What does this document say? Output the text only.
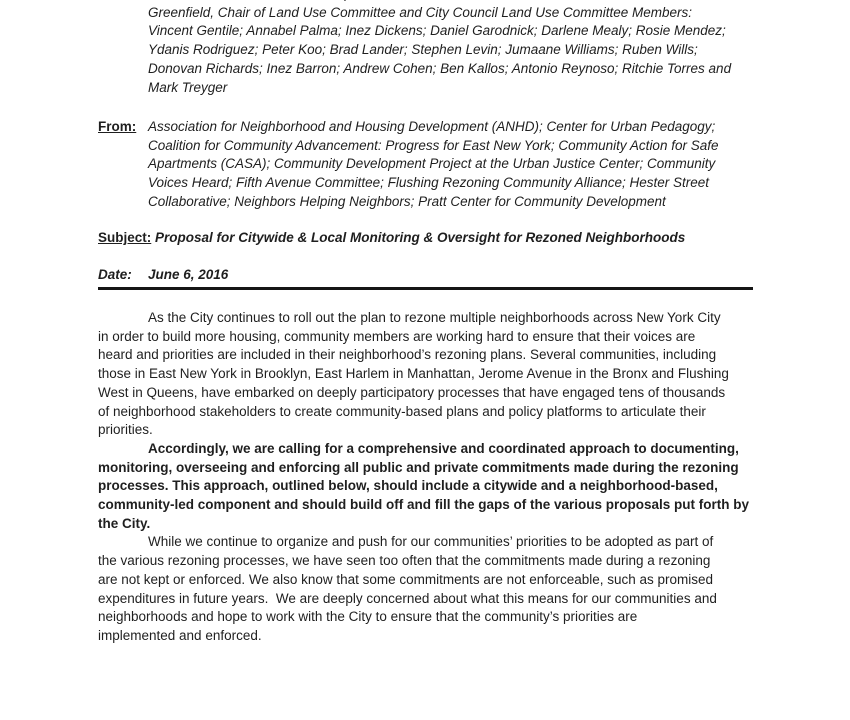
Greenfield, Chair of Land Use Committee and City Council Land Use Committee Members:
Vincent Gentile; Annabel Palma; Inez Dickens; Daniel Garodnick; Darlene Mealy; Rosie Mendez;
Ydanis Rodriguez; Peter Koo; Brad Lander; Stephen Levin; Jumaane Williams; Ruben Wills;
Donovan Richards; Inez Barron; Andrew Cohen; Ben Kallos; Antonio Reynoso; Ritchie Torres and
Mark Treyger
From: Association for Neighborhood and Housing Development (ANHD); Center for Urban Pedagogy;
Coalition for Community Advancement: Progress for East New York; Community Action for Safe
Apartments (CASA); Community Development Project at the Urban Justice Center; Community
Voices Heard; Fifth Avenue Committee; Flushing Rezoning Community Alliance; Hester Street
Collaborative; Neighbors Helping Neighbors; Pratt Center for Community Development
Subject: Proposal for Citywide & Local Monitoring & Oversight for Rezoned Neighborhoods
Date: June 6, 2016
As the City continues to roll out the plan to rezone multiple neighborhoods across New York City
in order to build more housing, community members are working hard to ensure that their voices are
heard and priorities are included in their neighborhood’s rezoning plans. Several communities, including
those in East New York in Brooklyn, East Harlem in Manhattan, Jerome Avenue in the Bronx and Flushing
West in Queens, have embarked on deeply participatory processes that have engaged tens of thousands
of neighborhood stakeholders to create community-based plans and policy platforms to articulate their
priorities.
Accordingly, we are calling for a comprehensive and coordinated approach to documenting,
monitoring, overseeing and enforcing all public and private commitments made during the rezoning
processes. This approach, outlined below, should include a citywide and a neighborhood-based,
community-led component and should build off and fill the gaps of the various proposals put forth by
the City.
While we continue to organize and push for our communities’ priorities to be adopted as part of
the various rezoning processes, we have seen too often that the commitments made during a rezoning
are not kept or enforced. We also know that some commitments are not enforceable, such as promised
expenditures in future years.  We are deeply concerned about what this means for our communities and
neighborhoods and hope to work with the City to ensure that the community’s priorities are
implemented and enforced.
